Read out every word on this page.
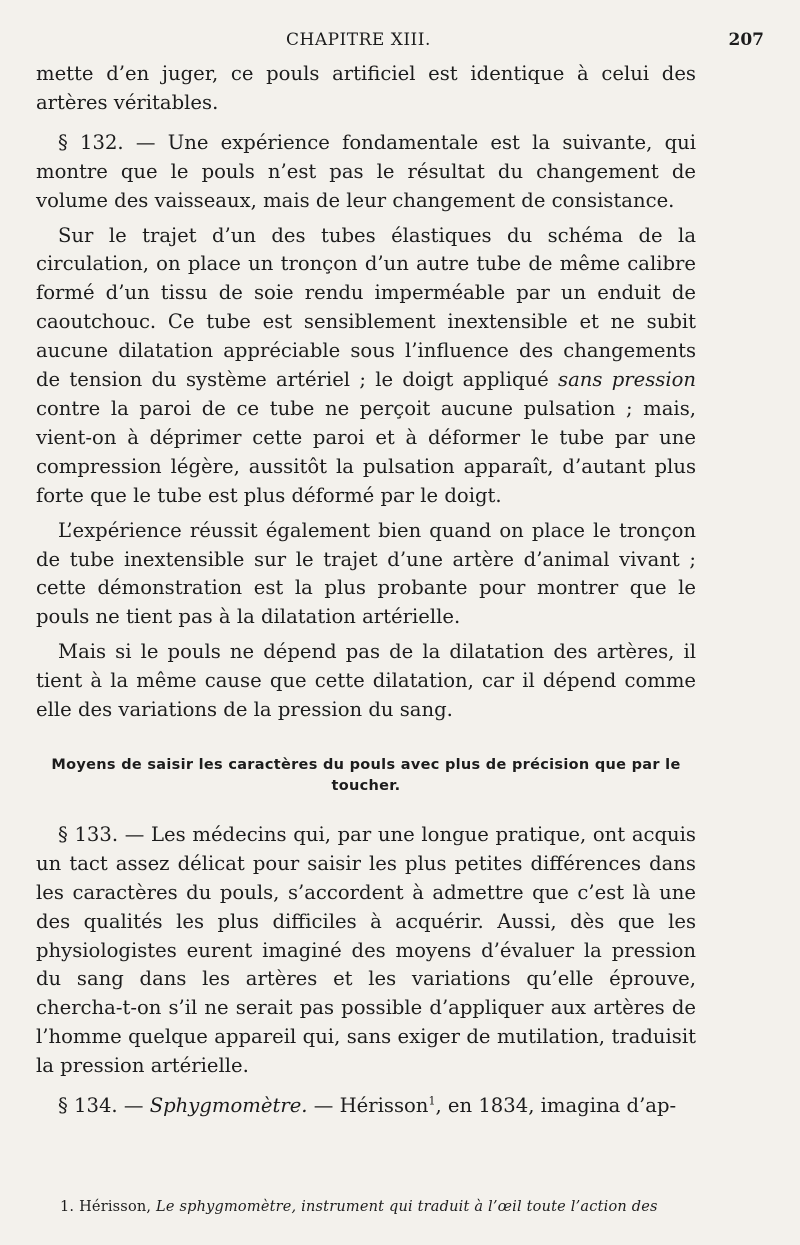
CHAPITRE XIII.	207

mette d’en juger, ce pouls artificiel est identique à celui des artères véritables.

§ 132. — Une expérience fondamentale est la suivante, qui montre que le pouls n’est pas le résultat du changement de volume des vaisseaux, mais de leur changement de consistance.

Sur le trajet d’un des tubes élastiques du schéma de la circulation, on place un tronçon d’un autre tube de même calibre formé d’un tissu de soie rendu imperméable par un enduit de caoutchouc. Ce tube est sensiblement inextensible et ne subit aucune dilatation appréciable sous l’influence des changements de tension du système artériel ; le doigt appliqué sans pression contre la paroi de ce tube ne perçoit aucune pulsation ; mais, vient-on à déprimer cette paroi et à déformer le tube par une compression légère, aussitôt la pulsation apparaît, d’autant plus forte que le tube est plus déformé par le doigt.

L’expérience réussit également bien quand on place le tronçon de tube inextensible sur le trajet d’une artère d’animal vivant ; cette démonstration est la plus probante pour montrer que le pouls ne tient pas à la dilatation artérielle.

Mais si le pouls ne dépend pas de la dilatation des artères, il tient à la même cause que cette dilatation, car il dépend comme elle des variations de la pression du sang.

Moyens de saisir les caractères du pouls avec plus de précision que par le toucher.

§ 133. — Les médecins qui, par une longue pratique, ont acquis un tact assez délicat pour saisir les plus petites différences dans les caractères du pouls, s’accordent à admettre que c’est là une des qualités les plus difficiles à acquérir. Aussi, dès que les physiologistes eurent imaginé des moyens d’évaluer la pression du sang dans les artères et les variations qu’elle éprouve, chercha-t-on s’il ne serait pas possible d’appliquer aux artères de l’homme quelque appareil qui, sans exiger de mutilation, traduisit la pression artérielle.

§ 134. — Sphygmomètre. — Hérisson$^1$, en 1834, imagina d’ap-

1. Hérisson, Le sphygmomètre, instrument qui traduit à l’œil toute l’action des
